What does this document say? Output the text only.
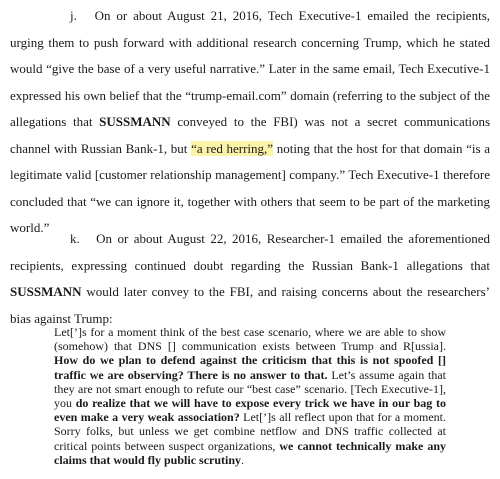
j. On or about August 21, 2016, Tech Executive-1 emailed the recipients, urging them to push forward with additional research concerning Trump, which he stated would “give the base of a very useful narrative.” Later in the same email, Tech Executive-1 expressed his own belief that the “trump-email.com” domain (referring to the subject of the allegations that SUSSMANN conveyed to the FBI) was not a secret communications channel with Russian Bank-1, but “a red herring,” noting that the host for that domain “is a legitimate valid [customer relationship management] company.” Tech Executive-1 therefore concluded that “we can ignore it, together with others that seem to be part of the marketing world.”

k. On or about August 22, 2016, Researcher-1 emailed the aforementioned recipients, expressing continued doubt regarding the Russian Bank-1 allegations that SUSSMANN would later convey to the FBI, and raising concerns about the researchers’ bias against Trump:

Let[’]s for a moment think of the best case scenario, where we are able to show (somehow) that DNS [] communication exists between Trump and R[ussia]. How do we plan to defend against the criticism that this is not spoofed [] traffic we are observing? There is no answer to that. Let’s assume again that they are not smart enough to refute our “best case” scenario. [Tech Executive-1], you do realize that we will have to expose every trick we have in our bag to even make a very weak association? Let[’]s all reflect upon that for a moment. Sorry folks, but unless we get combine netflow and DNS traffic collected at critical points between suspect organizations, we cannot technically make any claims that would fly public scrutiny.
